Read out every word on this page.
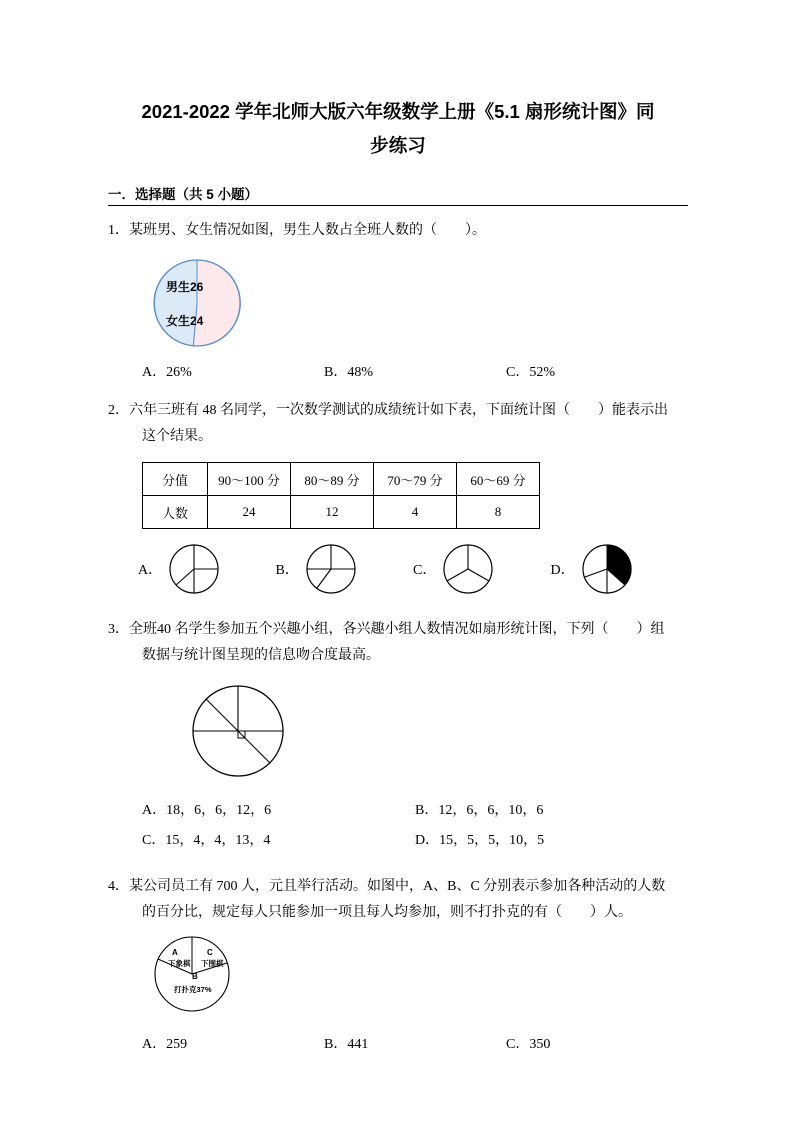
2021-2022 学年北师大版六年级数学上册《5.1 扇形统计图》同
步练习
一．选择题（共 5 小题）
1．某班男、女生情况如图，男生人数占全班人数的（　　）。
男生26
女生24
A．26%	B．48%	C．52%
2．六年三班有 48 名同学，一次数学测试的成绩统计如下表，下面统计图（　　）能表示出
这个结果。
分值	90～100 分	80～89 分	70～79 分	60～69 分
人数	24	12	4	8
A．	B．	C．	D．
3．全班40 名学生参加五个兴趣小组，各兴趣小组人数情况如扇形统计图，下列（　　）组
数据与统计图呈现的信息吻合度最高。
A．18，6，6，12，6	B．12，6，6，10，6
C．15，4，4，13，4	D．15，5，5，10，5
4．某公司员工有 700 人，元且举行活动。如图中，A、B、C 分别表示参加各种活动的人数
的百分比，规定每人只能参加一项且每人均参加，则不打扑克的有（　　）人。
A
下象棋
C
下围棋
B
打扑克37%
A．259	B．441	C．350
